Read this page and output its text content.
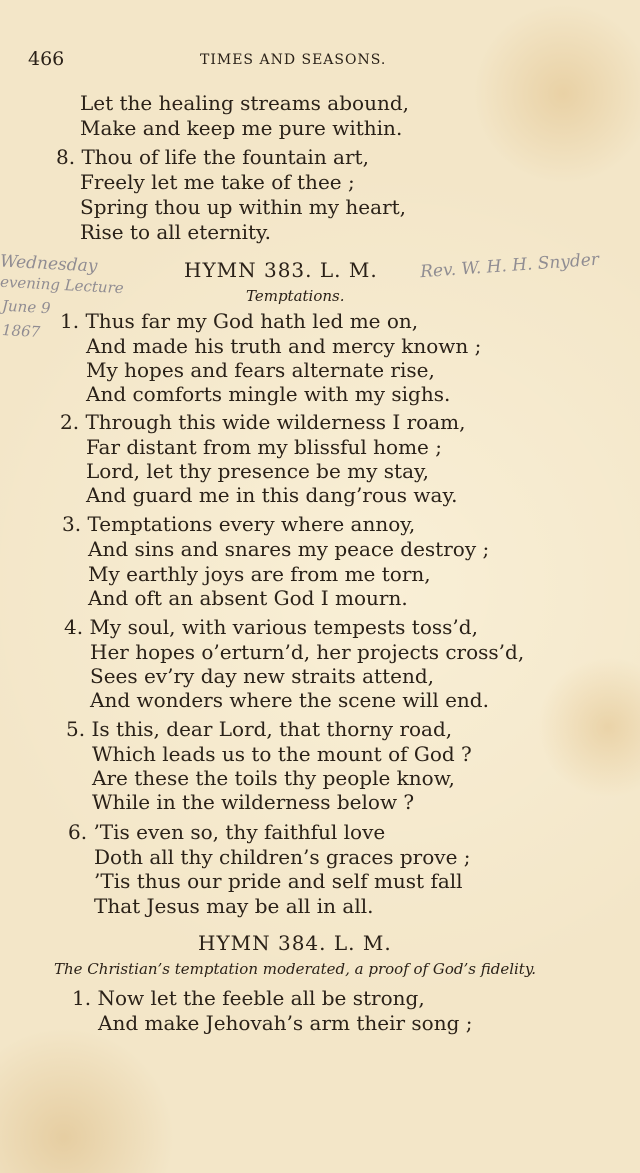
466	TIMES AND SEASONS.
Let the healing streams abound,
Make and keep me pure within.
8. Thou of life the fountain art,
Freely let me take of thee ;
Spring thou up within my heart,
Rise to all eternity.
Wednesday
evening Lecture
June 9
1867
Rev. W. H. H. Snyder
HYMN 383. L. M.
Temptations.
1. Thus far my God hath led me on,
And made his truth and mercy known ;
My hopes and fears alternate rise,
And comforts mingle with my sighs.
2. Through this wide wilderness I roam,
Far distant from my blissful home ;
Lord, let thy presence be my stay,
And guard me in this dang’rous way.
3. Temptations every where annoy,
And sins and snares my peace destroy ;
My earthly joys are from me torn,
And oft an absent God I mourn.
4. My soul, with various tempests toss’d,
Her hopes o’erturn’d, her projects cross’d,
Sees ev’ry day new straits attend,
And wonders where the scene will end.
5. Is this, dear Lord, that thorny road,
Which leads us to the mount of God ?
Are these the toils thy people know,
While in the wilderness below ?
6. ’Tis even so, thy faithful love
Doth all thy children’s graces prove ;
’Tis thus our pride and self must fall
That Jesus may be all in all.
HYMN 384. L. M.
The Christian’s temptation moderated, a proof of God’s fidelity.
1. Now let the feeble all be strong,
And make Jehovah’s arm their song ;
